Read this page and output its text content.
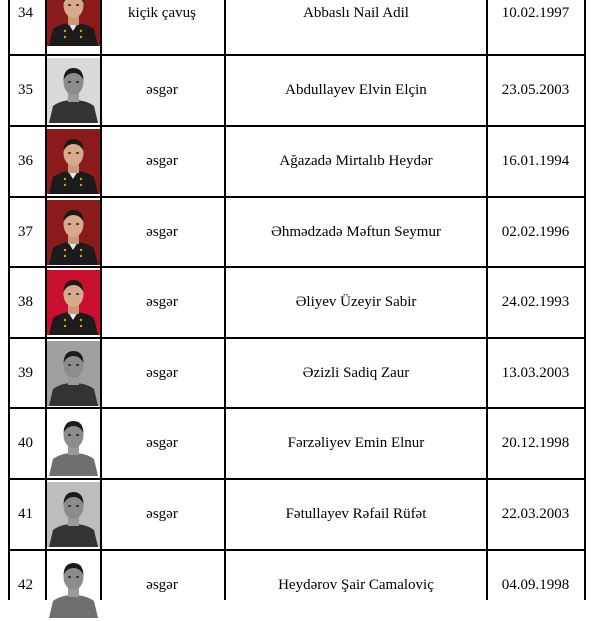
34	kiçik çavuş	Abbaslı Nail Adil	10.02.1997
35	əsgər	Abdullayev Elvin Elçin	23.05.2003
36	əsgər	Ağazadə Mirtalıb Heydər	16.01.1994
37	əsgər	Əhmədzadə Məftun Seymur	02.02.1996
38	əsgər	Əliyev Üzeyir Sabir	24.02.1993
39	əsgər	Əzizli Sadiq Zaur	13.03.2003
40	əsgər	Fərzəliyev Emin Elnur	20.12.1998
41	əsgər	Fətullayev Rəfail Rüfət	22.03.2003
42	əsgər	Heydərov Şair Camaloviç	04.09.1998
